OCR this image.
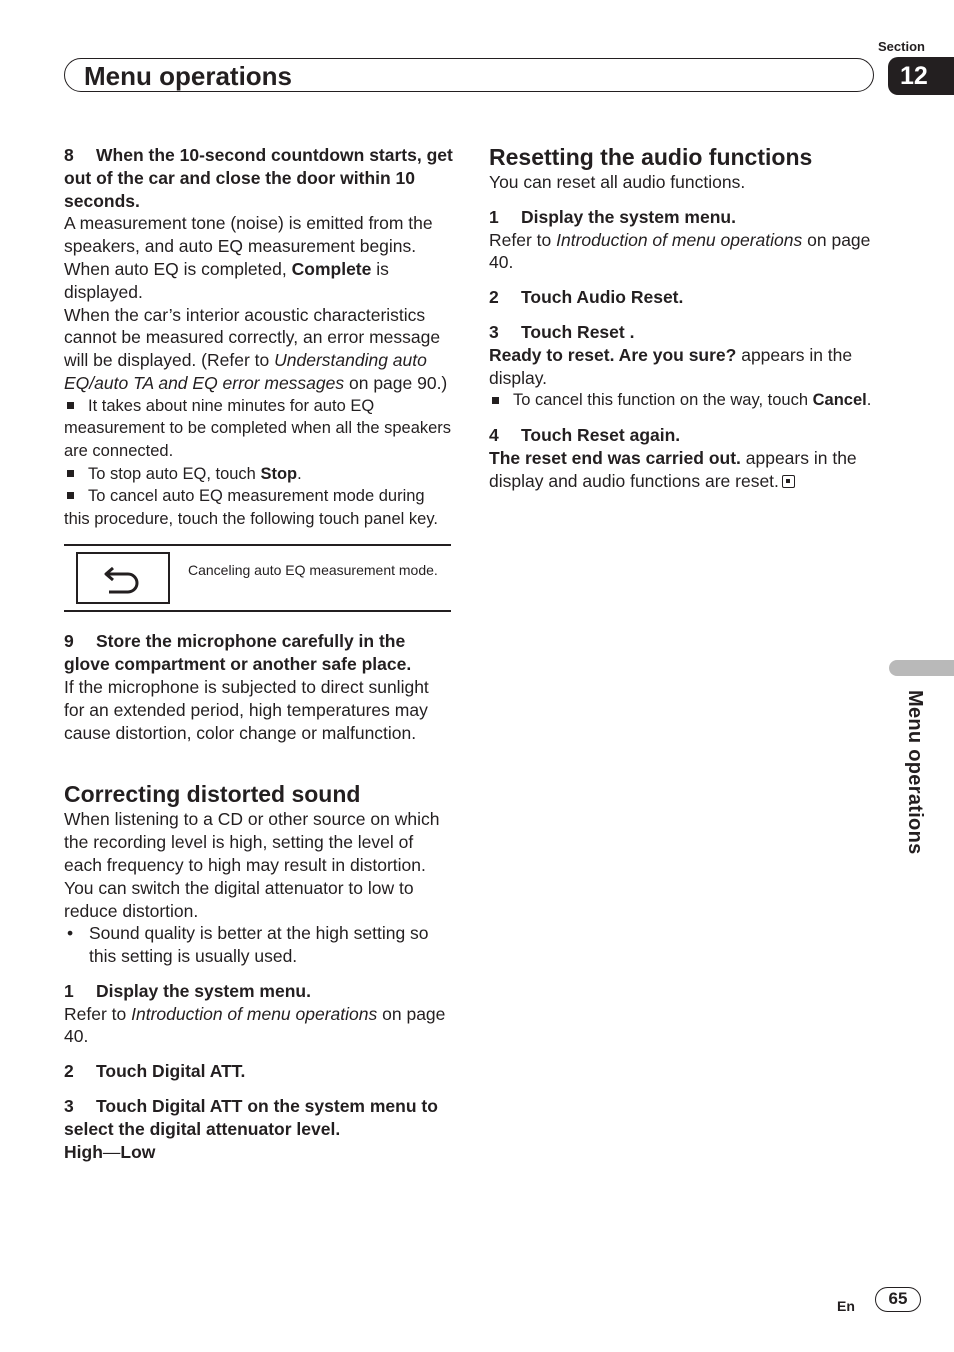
Section
Menu operations	12

8 When the 10-second countdown starts, get out of the car and close the door within 10 seconds.

A measurement tone (noise) is emitted from the speakers, and auto EQ measurement begins.

When auto EQ is completed, Complete is displayed.

When the car’s interior acoustic characteristics cannot be measured correctly, an error message will be displayed. (Refer to Understanding auto EQ/auto TA and EQ error messages on page 90.)

It takes about nine minutes for auto EQ measurement to be completed when all the speakers are connected.

To stop auto EQ, touch Stop.

To cancel auto EQ measurement mode during this procedure, touch the following touch panel key.

Canceling auto EQ measurement mode.

9 Store the microphone carefully in the glove compartment or another safe place.

If the microphone is subjected to direct sunlight for an extended period, high temperatures may cause distortion, color change or malfunction.

Correcting distorted sound

When listening to a CD or other source on which the recording level is high, setting the level of each frequency to high may result in distortion. You can switch the digital attenuator to low to reduce distortion.

• Sound quality is better at the high setting so this setting is usually used.

1 Display the system menu.

Refer to Introduction of menu operations on page 40.

2 Touch Digital ATT.

3 Touch Digital ATT on the system menu to select the digital attenuator level.

High—Low

Resetting the audio functions

You can reset all audio functions.

1 Display the system menu.

Refer to Introduction of menu operations on page 40.

2 Touch Audio Reset.

3 Touch Reset .

Ready to reset. Are you sure? appears in the display.

To cancel this function on the way, touch Cancel.

4 Touch Reset again.

The reset end was carried out. appears in the display and audio functions are reset.

Menu operations
En	65
